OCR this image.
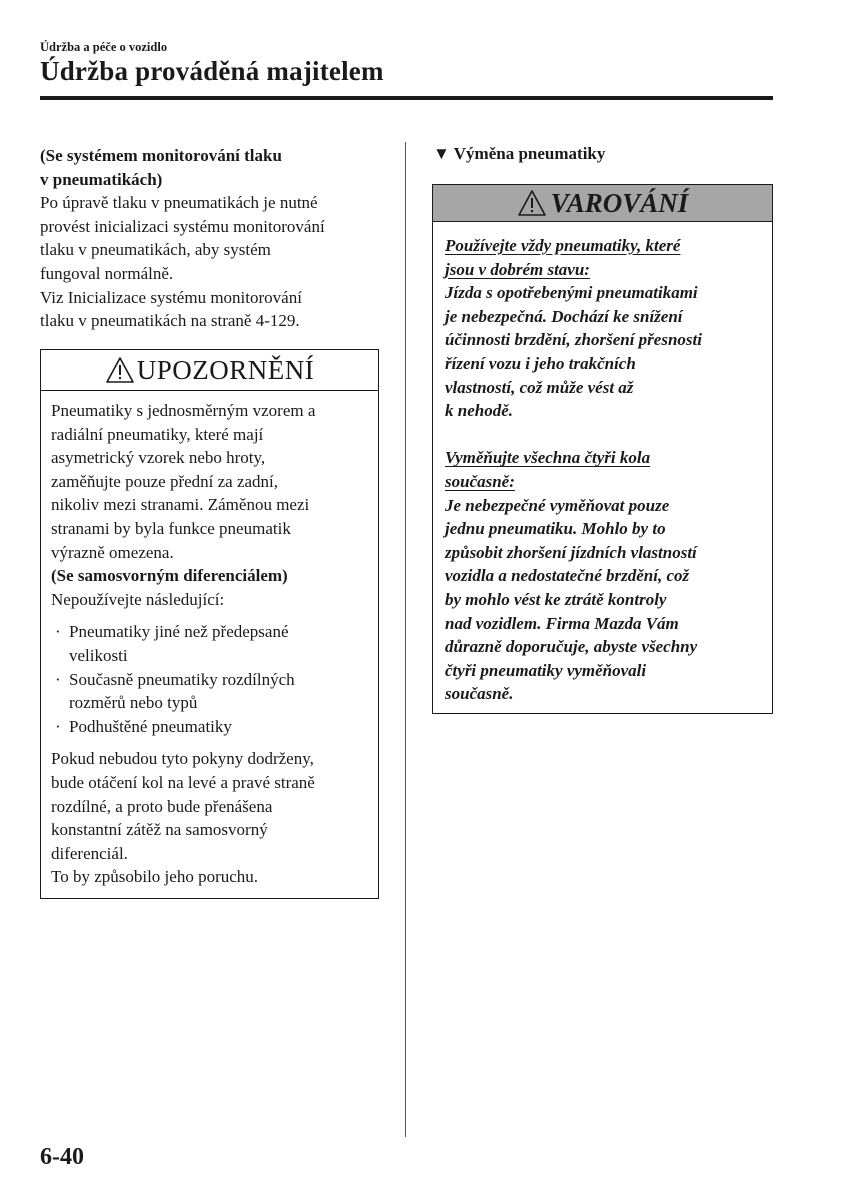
Údržba a péče o vozidlo
Údržba prováděná majitelem

(Se systémem monitorování tlaku

v pneumatikách)

Po úpravě tlaku v pneumatikách je nutné

provést inicializaci systému monitorování

tlaku v pneumatikách, aby systém

fungoval normálně.

Viz Inicializace systému monitorování

tlaku v pneumatikách na straně 4-129.

UPOZORNĚNÍ

Pneumatiky s jednosměrným vzorem a

radiální pneumatiky, které mají

asymetrický vzorek nebo hroty,

zaměňujte pouze přední za zadní,

nikoliv mezi stranami. Záměnou mezi

stranami by byla funkce pneumatik

výrazně omezena.

(Se samosvorným diferenciálem)

Nepoužívejte následující:

· Pneumatiky jiné než předepsané
velikosti
· Současně pneumatiky rozdílných
rozměrů nebo typů
· Podhuštěné pneumatiky

Pokud nebudou tyto pokyny dodrženy,

bude otáčení kol na levé a pravé straně

rozdílné, a proto bude přenášena

konstantní zátěž na samosvorný

diferenciál.

To by způsobilo jeho poruchu.

▼ Výměna pneumatiky
VAROVÁNÍ

Používejte vždy pneumatiky, které

jsou v dobrém stavu:

Jízda s opotřebenými pneumatikami

je nebezpečná. Dochází ke snížení

účinnosti brzdění, zhoršení přesnosti

řízení vozu i jeho trakčních

vlastností, což může vést až

k nehodě.

Vyměňujte všechna čtyři kola

současně:

Je nebezpečné vyměňovat pouze

jednu pneumatiku. Mohlo by to

způsobit zhoršení jízdních vlastností

vozidla a nedostatečné brzdění, což

by mohlo vést ke ztrátě kontroly

nad vozidlem. Firma Mazda Vám

důrazně doporučuje, abyste všechny

čtyři pneumatiky vyměňovali

současně.

6-40
